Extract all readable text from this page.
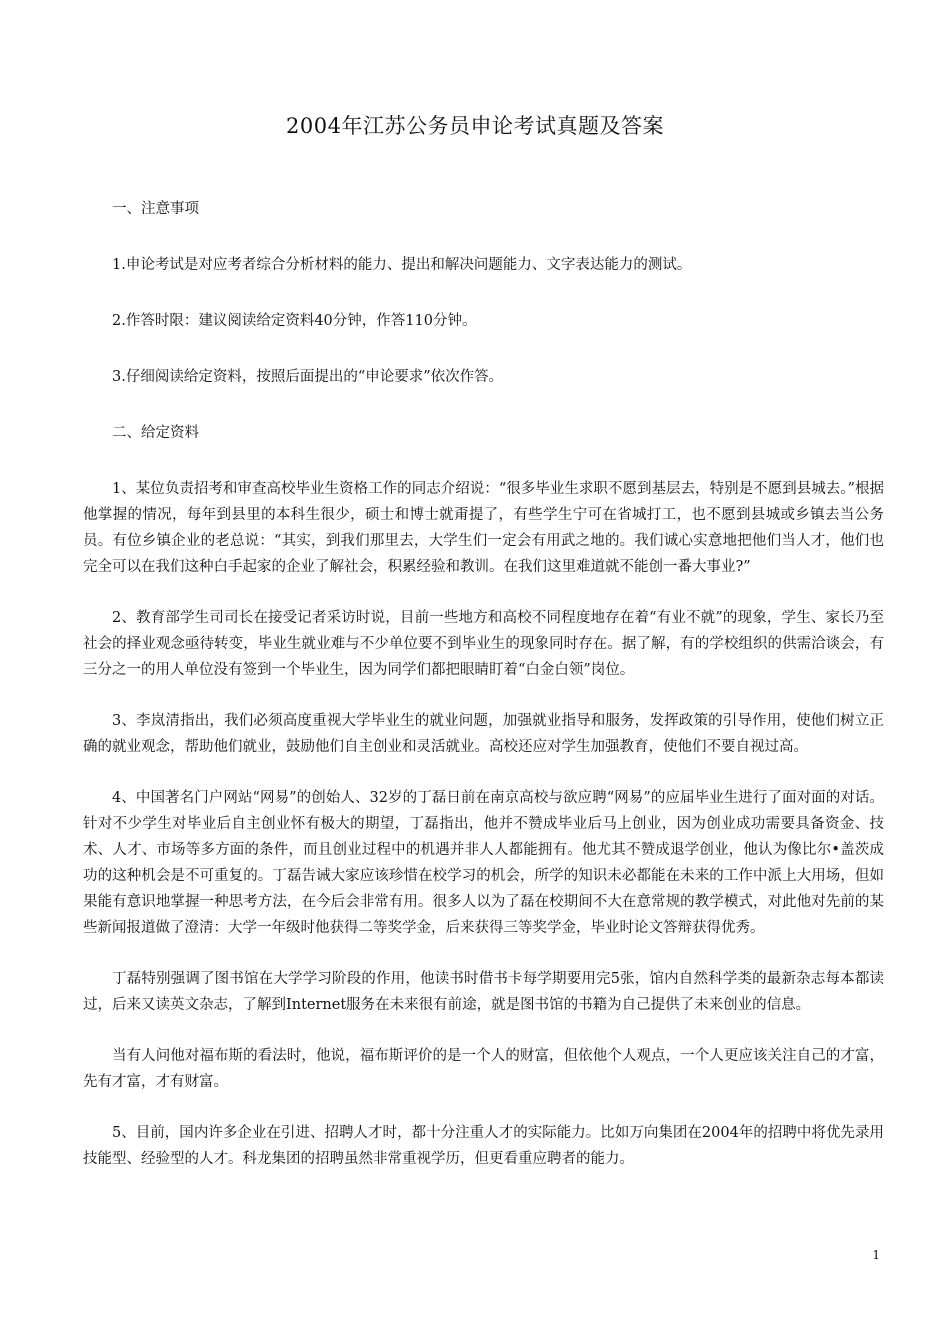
2004年江苏公务员申论考试真题及答案

一、注意事项

1.申论考试是对应考者综合分析材料的能力、提出和解决问题能力、文字表达能力的测试。

2.作答时限：建议阅读给定资料40分钟，作答110分钟。

3.仔细阅读给定资料，按照后面提出的“申论要求”依次作答。

二、给定资料

1、某位负责招考和审查高校毕业生资格工作的同志介绍说：“很多毕业生求职不愿到基层去，特别是不愿到县城去。”根据他掌握的情况，每年到县里的本科生很少，硕士和博士就甭提了，有些学生宁可在省城打工，也不愿到县城或乡镇去当公务员。有位乡镇企业的老总说：“其实，到我们那里去，大学生们一定会有用武之地的。我们诚心实意地把他们当人才，他们也完全可以在我们这种白手起家的企业了解社会，积累经验和教训。在我们这里难道就不能创一番大事业?”

2、教育部学生司司长在接受记者采访时说，目前一些地方和高校不同程度地存在着“有业不就”的现象，学生、家长乃至社会的择业观念亟待转变，毕业生就业难与不少单位要不到毕业生的现象同时存在。据了解，有的学校组织的供需洽谈会，有三分之一的用人单位没有签到一个毕业生，因为同学们都把眼睛盯着“白金白领”岗位。

3、李岚清指出，我们必须高度重视大学毕业生的就业问题，加强就业指导和服务，发挥政策的引导作用，使他们树立正确的就业观念，帮助他们就业，鼓励他们自主创业和灵活就业。高校还应对学生加强教育，使他们不要自视过高。

4、中国著名门户网站“网易”的创始人、32岁的丁磊日前在南京高校与欲应聘“网易”的应届毕业生进行了面对面的对话。针对不少学生对毕业后自主创业怀有极大的期望，丁磊指出，他并不赞成毕业后马上创业，因为创业成功需要具备资金、技术、人才、市场等多方面的条件，而且创业过程中的机遇并非人人都能拥有。他尤其不赞成退学创业，他认为像比尔•盖茨成功的这种机会是不可重复的。丁磊告诫大家应该珍惜在校学习的机会，所学的知识未必都能在未来的工作中派上大用场，但如果能有意识地掌握一种思考方法，在今后会非常有用。很多人以为了磊在校期间不大在意常规的教学模式，对此他对先前的某些新闻报道做了澄清：大学一年级时他获得二等奖学金，后来获得三等奖学金，毕业时论文答辩获得优秀。

丁磊特别强调了图书馆在大学学习阶段的作用，他读书时借书卡每学期要用完5张，馆内自然科学类的最新杂志每本都读过，后来又读英文杂志，了解到Internet服务在未来很有前途，就是图书馆的书籍为自己提供了未来创业的信息。

当有人问他对福布斯的看法时，他说，福布斯评价的是一个人的财富，但依他个人观点，一个人更应该关注自己的才富，先有才富，才有财富。

5、目前，国内许多企业在引进、招聘人才时，都十分注重人才的实际能力。比如万向集团在2004年的招聘中将优先录用技能型、经验型的人才。科龙集团的招聘虽然非常重视学历，但更看重应聘者的能力。

1
